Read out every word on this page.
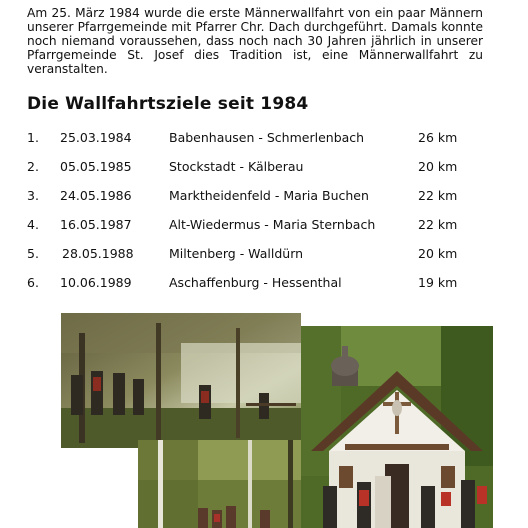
Am 25. März 1984 wurde die erste Männerwallfahrt von ein paar Männern unserer Pfarrgemeinde mit Pfarrer Chr. Dach durchgeführt. Damals konnte noch niemand voraussehen, dass noch nach 30 Jahren jährlich in unserer Pfarrgemeinde St. Josef dies Tradition ist, eine Männerwallfahrt zu veranstalten.

Die Wallfahrtsziele seit 1984
1. 25.03.1984	Babenhausen - Schmerlenbach	26 km
2. 05.05.1985	Stockstadt - Kälberau	20 km
3. 24.05.1986	Marktheidenfeld - Maria Buchen	22 km
4. 16.05.1987	Alt-Wiedermus - Maria Sternbach	22 km
5. 28.05.1988	Miltenberg - Walldürn	20 km
6. 10.06.1989	Aschaffenburg - Hessenthal	19 km
